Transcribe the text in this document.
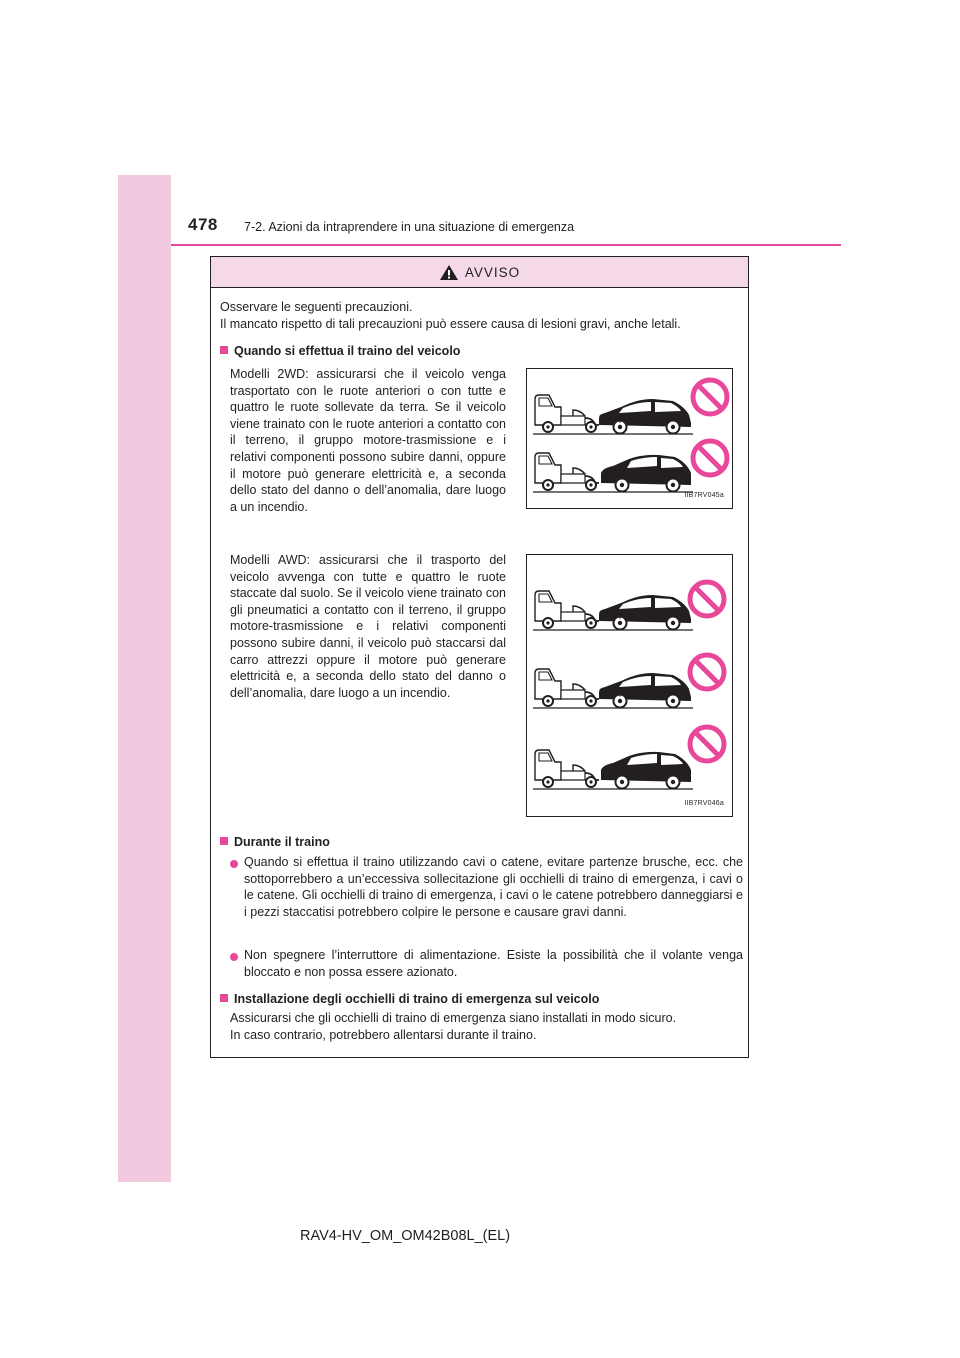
478 7-2. Azioni da intraprendere in una situazione di emergenza
AVVISO
Osservare le seguenti precauzioni.
Il mancato rispetto di tali precauzioni può essere causa di lesioni gravi, anche letali.
Quando si effettua il traino del veicolo
Modelli 2WD: assicurarsi che il veicolo venga trasportato con le ruote anteriori o con tutte e quattro le ruote sollevate da terra. Se il veicolo viene trainato con le ruote anteriori a contatto con il terreno, il gruppo motore-trasmissione e i relativi componenti possono subire danni, oppure il motore può generare elettricità e, a seconda dello stato del danno o dell’anomalia, dare luogo a un incendio.
IIB7RV045a
Modelli AWD: assicurarsi che il trasporto del veicolo avvenga con tutte e quattro le ruote staccate dal suolo. Se il veicolo viene trainato con gli pneumatici a contatto con il terreno, il gruppo motore-trasmissione e i relativi componenti possono subire danni, il veicolo può staccarsi dal carro attrezzi oppure il motore può generare elettricità e, a seconda dello stato del danno o dell’anomalia, dare luogo a un incendio.
IIB7RV046a
Durante il traino
Quando si effettua il traino utilizzando cavi o catene, evitare partenze brusche, ecc. che sottoporrebbero a un’eccessiva sollecitazione gli occhielli di traino di emergenza, i cavi o le catene. Gli occhielli di traino di emergenza, i cavi o le catene potrebbero danneggiarsi e i pezzi staccatisi potrebbero colpire le persone e causare gravi danni.
Non spegnere l’interruttore di alimentazione. Esiste la possibilità che il volante venga bloccato e non possa essere azionato.
Installazione degli occhielli di traino di emergenza sul veicolo
Assicurarsi che gli occhielli di traino di emergenza siano installati in modo sicuro.
In caso contrario, potrebbero allentarsi durante il traino.
RAV4-HV_OM_OM42B08L_(EL)
